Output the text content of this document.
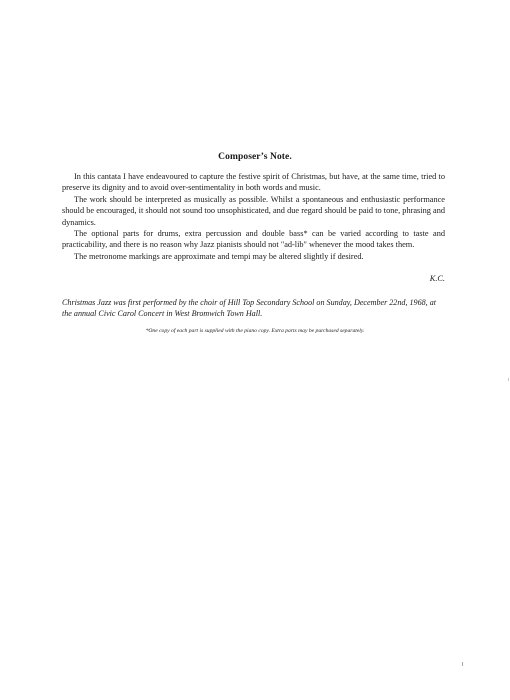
Composer’s Note.

In this cantata I have endeavoured to capture the festive spirit of Christmas, but have, at the same time, tried to preserve its dignity and to avoid over-sentimentality in both words and music.

The work should be interpreted as musically as possible. Whilst a spontaneous and enthusiastic performance should be encouraged, it should not sound too unsophisticated, and due regard should be paid to tone, phrasing and dynamics.

The optional parts for drums, extra percussion and double bass* can be varied according to taste and practicability, and there is no reason why Jazz pianists should not "ad-lib" whenever the mood takes them.

The metronome markings are approximate and tempi may be altered slightly if desired.

K.C.
Christmas Jazz was first performed by the choir of Hill Top Secondary School on Sunday, December 22nd, 1968, at the annual Civic Carol Concert in West Bromwich Town Hall.
*One copy of each part is supplied with the piano copy. Extra parts may be purchased separately.
